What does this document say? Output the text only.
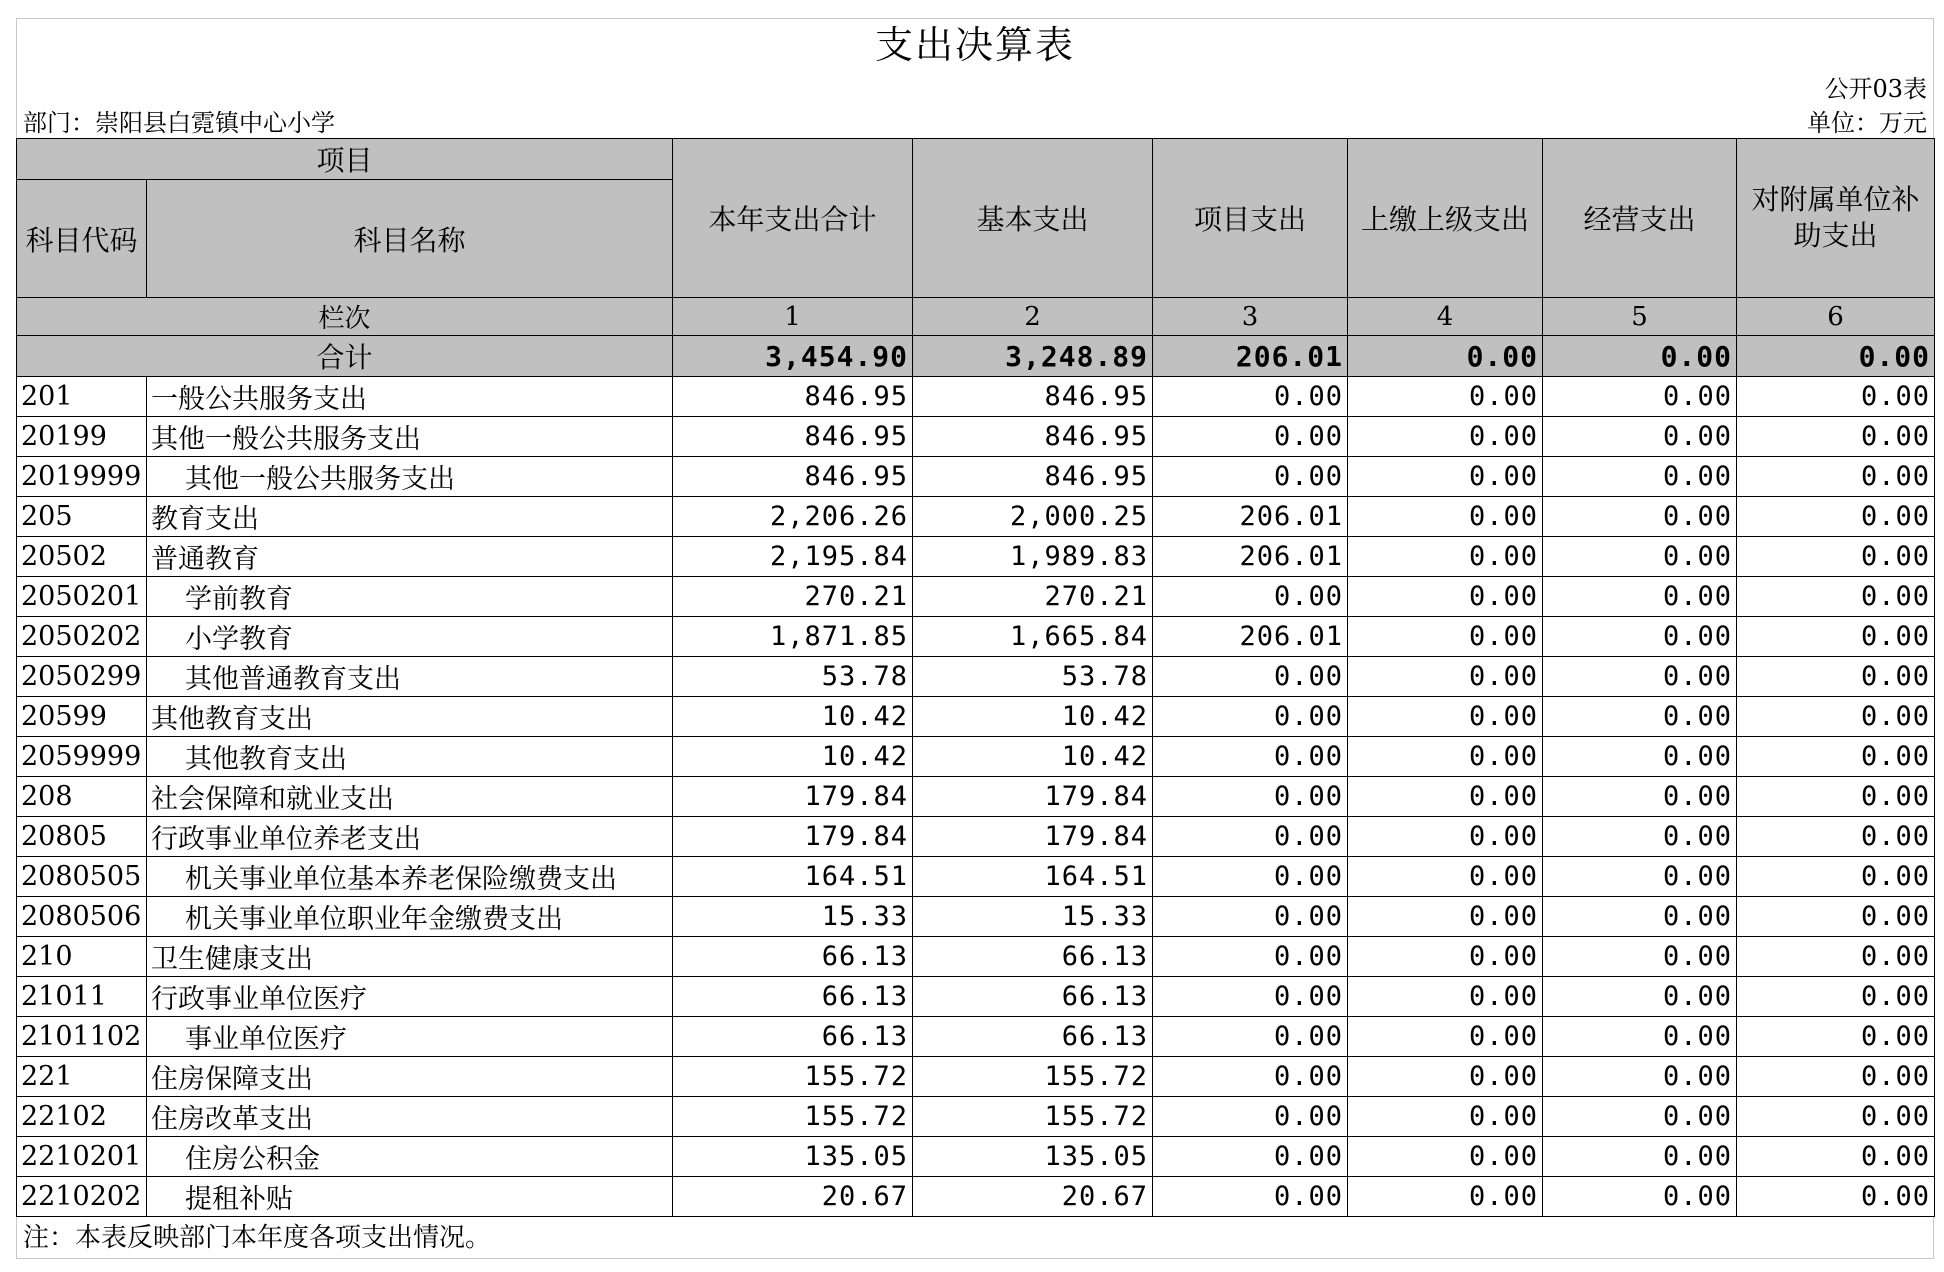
支出决算表
公开03表
部门：崇阳县白霓镇中心小学	单位：万元
项目		本年支出合计	基本支出	项目支出	上缴上级支出	经营支出	对附属单位补助支出
科目代码	科目名称						
栏次		1	2	3	4	5	6
合计		3,454.90	3,248.89	206.01	0.00	0.00	0.00
201	一般公共服务支出	846.95	846.95	0.00	0.00	0.00	0.00
20199	其他一般公共服务支出	846.95	846.95	0.00	0.00	0.00	0.00
2019999	其他一般公共服务支出	846.95	846.95	0.00	0.00	0.00	0.00
205	教育支出	2,206.26	2,000.25	206.01	0.00	0.00	0.00
20502	普通教育	2,195.84	1,989.83	206.01	0.00	0.00	0.00
2050201	学前教育	270.21	270.21	0.00	0.00	0.00	0.00
2050202	小学教育	1,871.85	1,665.84	206.01	0.00	0.00	0.00
2050299	其他普通教育支出	53.78	53.78	0.00	0.00	0.00	0.00
20599	其他教育支出	10.42	10.42	0.00	0.00	0.00	0.00
2059999	其他教育支出	10.42	10.42	0.00	0.00	0.00	0.00
208	社会保障和就业支出	179.84	179.84	0.00	0.00	0.00	0.00
20805	行政事业单位养老支出	179.84	179.84	0.00	0.00	0.00	0.00
2080505	机关事业单位基本养老保险缴费支出	164.51	164.51	0.00	0.00	0.00	0.00
2080506	机关事业单位职业年金缴费支出	15.33	15.33	0.00	0.00	0.00	0.00
210	卫生健康支出	66.13	66.13	0.00	0.00	0.00	0.00
21011	行政事业单位医疗	66.13	66.13	0.00	0.00	0.00	0.00
2101102	事业单位医疗	66.13	66.13	0.00	0.00	0.00	0.00
221	住房保障支出	155.72	155.72	0.00	0.00	0.00	0.00
22102	住房改革支出	155.72	155.72	0.00	0.00	0.00	0.00
2210201	住房公积金	135.05	135.05	0.00	0.00	0.00	0.00
2210202	提租补贴	20.67	20.67	0.00	0.00	0.00	0.00
注：本表反映部门本年度各项支出情况。
